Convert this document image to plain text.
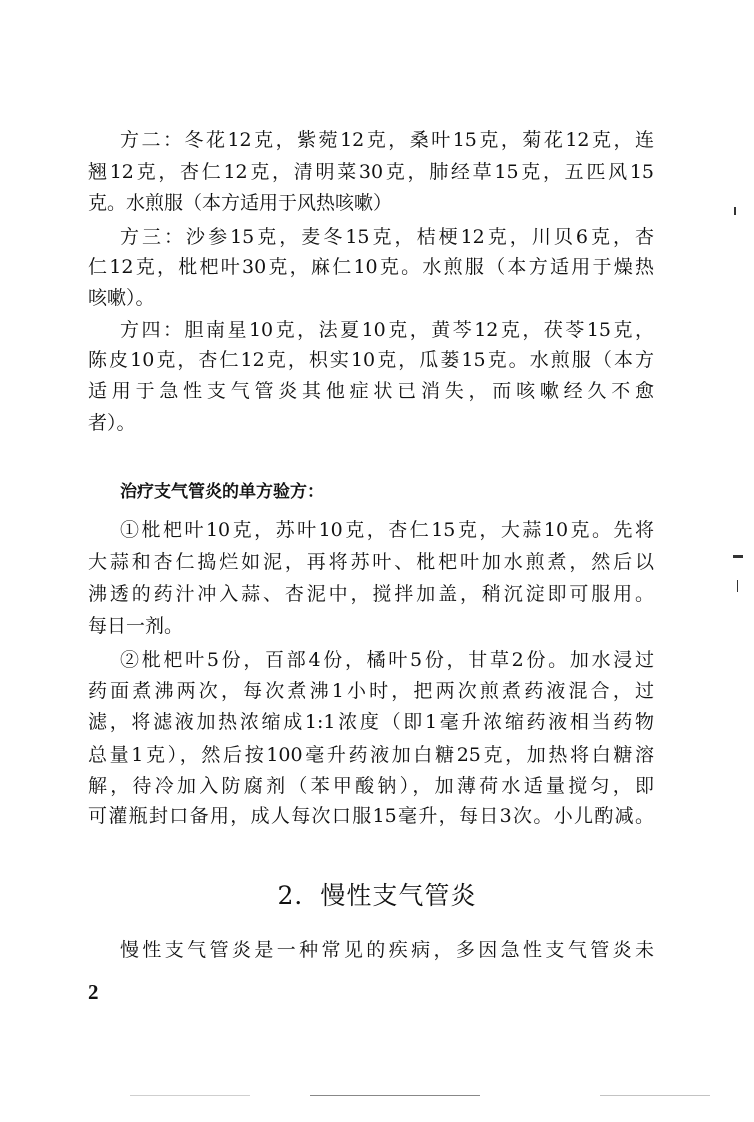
方二：冬花12克，紫菀12克，桑叶15克，菊花12克，连
翘12克，杏仁12克，清明菜30克，肺经草15克，五匹风15
克。水煎服（本方适用于风热咳嗽）
方三：沙参15克，麦冬15克，桔梗12克，川贝6克，杏
仁12克，枇杷叶30克，麻仁10克。水煎服（本方适用于燥热
咳嗽）。
方四：胆南星10克，法夏10克，黄芩12克，茯苓15克，
陈皮10克，杏仁12克，枳实10克，瓜蒌15克。水煎服（本方
适用于急性支气管炎其他症状已消失，而咳嗽经久不愈
者）。
治疗支气管炎的单方验方：
①枇杷叶10克，苏叶10克，杏仁15克，大蒜10克。先将
大蒜和杏仁捣烂如泥，再将苏叶、枇杷叶加水煎煮，然后以
沸透的药汁冲入蒜、杏泥中，搅拌加盖，稍沉淀即可服用。
每日一剂。
②枇杷叶5份，百部4份，橘叶5份，甘草2份。加水浸过
药面煮沸两次，每次煮沸1小时，把两次煎煮药液混合，过
滤，将滤液加热浓缩成1:1浓度（即1毫升浓缩药液相当药物
总量1克），然后按100毫升药液加白糖25克，加热将白糖溶
解，待冷加入防腐剂（苯甲酸钠），加薄荷水适量搅匀，即
可灌瓶封口备用，成人每次口服15毫升，每日3次。小儿酌减。
2．慢性支气管炎
慢性支气管炎是一种常见的疾病，多因急性支气管炎未
2
